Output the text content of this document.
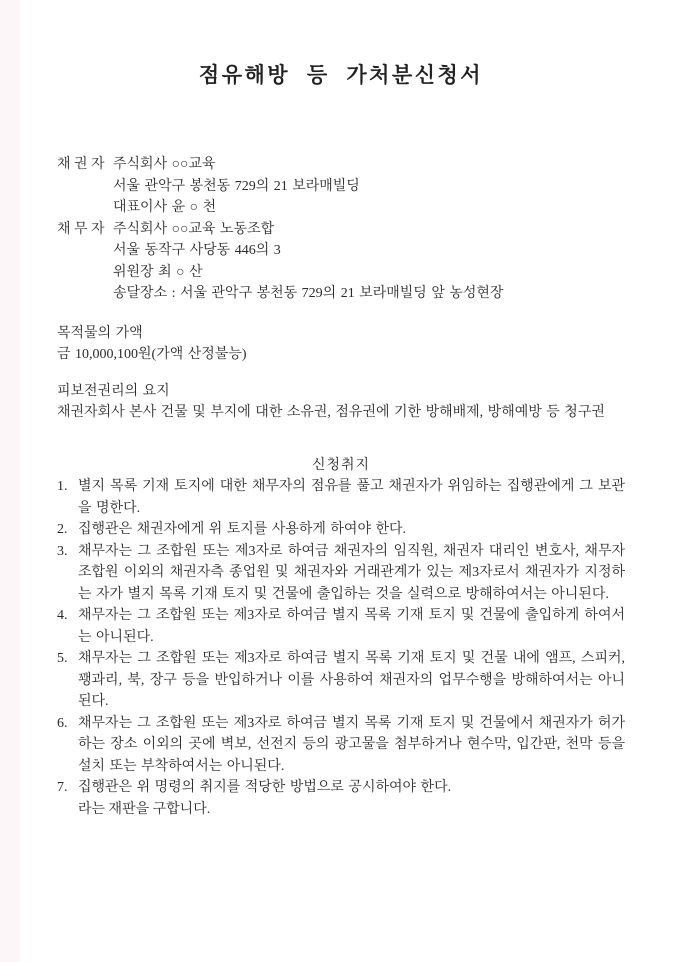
점유해방 등 가처분신청서
채 권 자 주식회사 ○○교육
서울 관악구 봉천동 729의 21 보라매빌딩
대표이사 윤 ○ 천
채 무 자 주식회사 ○○교육 노동조합
서울 동작구 사당동 446의 3
위원장 최 ○ 산
송달장소 : 서울 관악구 봉천동 729의 21 보라매빌딩 앞 농성현장
목적물의 가액
금 10,000,100원(가액 산정불능)
피보전권리의 요지
채권자회사 본사 건물 및 부지에 대한 소유권, 점유권에 기한 방해배제, 방해예방 등 청구권
신청취지
1. 별지 목록 기재 토지에 대한 채무자의 점유를 풀고 채권자가 위임하는 집행관에게 그 보관을 명한다.
2. 집행관은 채권자에게 위 토지를 사용하게 하여야 한다.
3. 채무자는 그 조합원 또는 제3자로 하여금 채권자의 임직원, 채권자 대리인 변호사, 채무자 조합원 이외의 채권자측 종업원 및 채권자와 거래관계가 있는 제3자로서 채권자가 지정하는 자가 별지 목록 기재 토지 및 건물에 출입하는 것을 실력으로 방해하여서는 아니된다.
4. 채무자는 그 조합원 또는 제3자로 하여금 별지 목록 기재 토지 및 건물에 출입하게 하여서는 아니된다.
5. 채무자는 그 조합원 또는 제3자로 하여금 별지 목록 기재 토지 및 건물 내에 앰프, 스피커, 꽹과리, 북, 장구 등을 반입하거나 이를 사용하여 채권자의 업무수행을 방해하여서는 아니된다.
6. 채무자는 그 조합원 또는 제3자로 하여금 별지 목록 기재 토지 및 건물에서 채권자가 허가하는 장소 이외의 곳에 벽보, 선전지 등의 광고물을 첨부하거나 현수막, 입간판, 천막 등을 설치 또는 부착하여서는 아니된다.
7. 집행관은 위 명령의 취지를 적당한 방법으로 공시하여야 한다.
라는 재판을 구합니다.
